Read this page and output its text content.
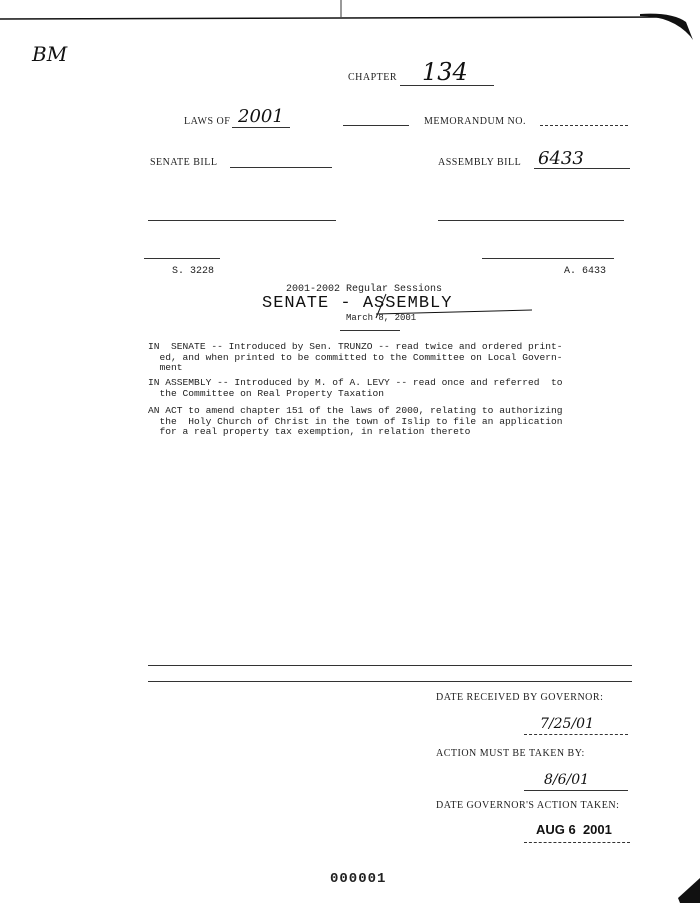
BM
CHAPTER 134
LAWS OF 2001	MEMORANDUM NO.
SENATE BILL	ASSEMBLY BILL 6433
S. 3228	A. 6433
2001-2002 Regular Sessions
SENATE - ASSEMBLY
March 8, 2001
IN  SENATE -- Introduced by Sen. TRUNZO -- read twice and ordered print-
ed, and when printed to be committed to the Committee on Local Govern-
ment
IN ASSEMBLY -- Introduced by M. of A. LEVY -- read once and referred  to
the Committee on Real Property Taxation
AN ACT to amend chapter 151 of the laws of 2000, relating to authorizing
the  Holy Church of Christ in the town of Islip to file an application
for a real property tax exemption, in relation thereto
DATE RECEIVED BY GOVERNOR:
7/25/01
ACTION MUST BE TAKEN BY:
8/6/01
DATE GOVERNOR'S ACTION TAKEN:
AUG 6  2001
000001
